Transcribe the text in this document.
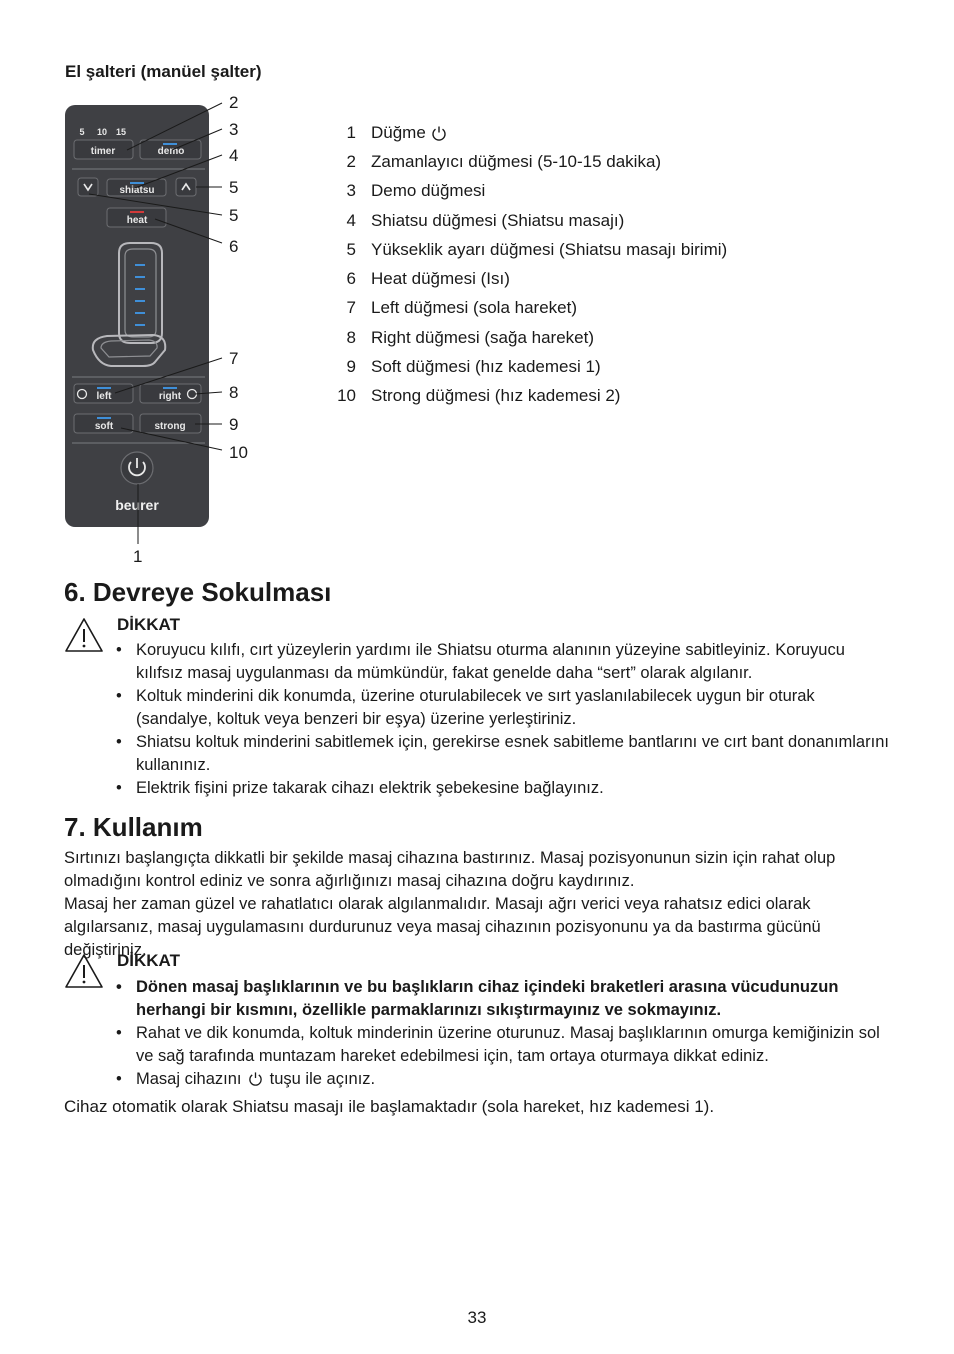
El şalteri (manüel şalter)
5 10 15
timer	demo
shiatsu
heat
left	right
soft	strong
beurer
2
3
4
5
5
6
7
8
9
10
1
1 Düğme
2 Zamanlayıcı düğmesi (5-10-15 dakika)
3 Demo düğmesi
4 Shiatsu düğmesi (Shiatsu masajı)
5 Yükseklik ayarı düğmesi (Shiatsu masajı birimi)
6 Heat düğmesi (Isı)
7 Left düğmesi (sola hareket)
8 Right düğmesi (sağa hareket)
9 Soft düğmesi (hız kademesi 1)
10 Strong düğmesi (hız kademesi 2)
6. Devreye Sokulması
DİKKAT
• Koruyucu kılıfı, cırt yüzeylerin yardımı ile Shiatsu oturma alanının yüzeyine sabitleyiniz. Koruyucu kılıfsız masaj uygulanması da mümkündür, fakat genelde daha “sert” olarak algılanır.
• Koltuk minderini dik konumda, üzerine oturulabilecek ve sırt yaslanılabilecek uygun bir oturak (sandalye, koltuk veya benzeri bir eşya) üzerine yerleştiriniz.
• Shiatsu koltuk minderini sabitlemek için, gerekirse esnek sabitleme bantlarını ve cırt bant donanımlarını kullanınız.
• Elektrik fişini prize takarak cihazı elektrik şebekesine bağlayınız.
7. Kullanım

Sırtınızı başlangıçta dikkatli bir şekilde masaj cihazına bastırınız. Masaj pozisyonunun sizin için rahat olup olmadığını kontrol ediniz ve sonra ağırlığınızı masaj cihazına doğru kaydırınız.

Masaj her zaman güzel ve rahatlatıcı olarak algılanmalıdır. Masajı ağrı verici veya rahatsız edici olarak algılarsanız, masaj uygulamasını durdurunuz veya masaj cihazının pozisyonunu ya da bastırma gücünü değiştiriniz.

DİKKAT
• Dönen masaj başlıklarının ve bu başlıkların cihaz içindeki braketleri arasına vücudunuzun herhangi bir kısmını, özellikle parmaklarınızı sıkıştırmayınız ve sokmayınız.
• Rahat ve dik konumda, koltuk minderinin üzerine oturunuz. Masaj başlıklarının omurga kemiğinizin sol ve sağ tarafında muntazam hareket edebilmesi için, tam ortaya oturmaya dikkat ediniz.
• Masaj cihazını tuşu ile açınız.
Cihaz otomatik olarak Shiatsu masajı ile başlamaktadır (sola hareket, hız kademesi 1).
33
